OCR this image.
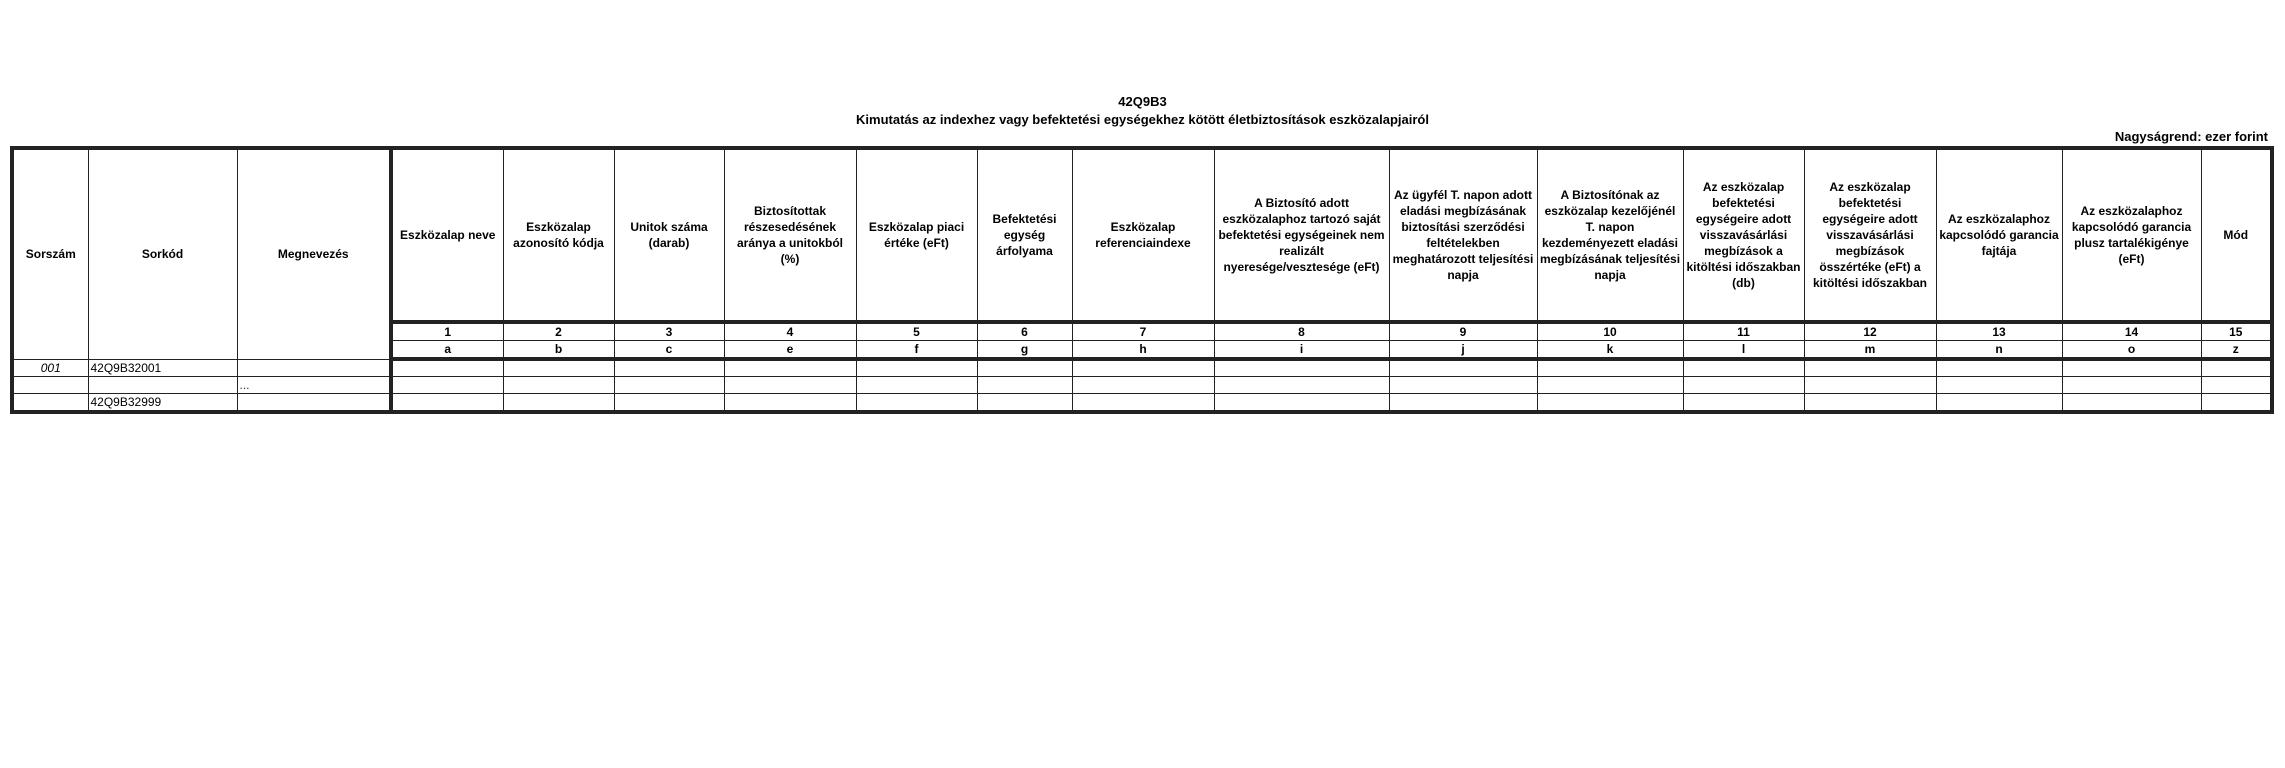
42Q9B3
Kimutatás az indexhez vagy befektetési egységekhez kötött életbiztosítások eszközalapjairól
Nagyságrend: ezer forint
Sorszám	Sorkód	Megnevezés	Eszközalap neve	Eszközalap azonosító kódja	Unitok száma (darab)	Biztosítottak részesedésének aránya a unitokból (%)	Eszközalap piaci értéke (eFt)	Befektetési egység árfolyama	Eszközalap referenciaindexe	A Biztosító adott eszközalaphoz tartozó saját befektetési egységeinek nem realizált nyeresége/vesztesége (eFt)	Az ügyfél T. napon adott eladási megbízásának biztosítási szerződési feltételekben meghatározott teljesítési napja	A Biztosítónak az eszközalap kezelőjénél T. napon kezdeményezett eladási megbízásának teljesítési napja	Az eszközalap befektetési egységeire adott visszavásárlási megbízások a kitöltési időszakban (db)	Az eszközalap befektetési egységeire adott visszavásárlási megbízások összértéke (eFt) a kitöltési időszakban	Az eszközalaphoz kapcsolódó garancia fajtája	Az eszközalaphoz kapcsolódó garancia plusz tartalékigénye (eFt)	Mód
			1	2	3	4	5	6	7	8	9	10	11	12	13	14	15
			a	b	c	e	f	g	h	i	j	k	l	m	n	o	z
001	42Q9B32001																
		...															
	42Q9B32999																
